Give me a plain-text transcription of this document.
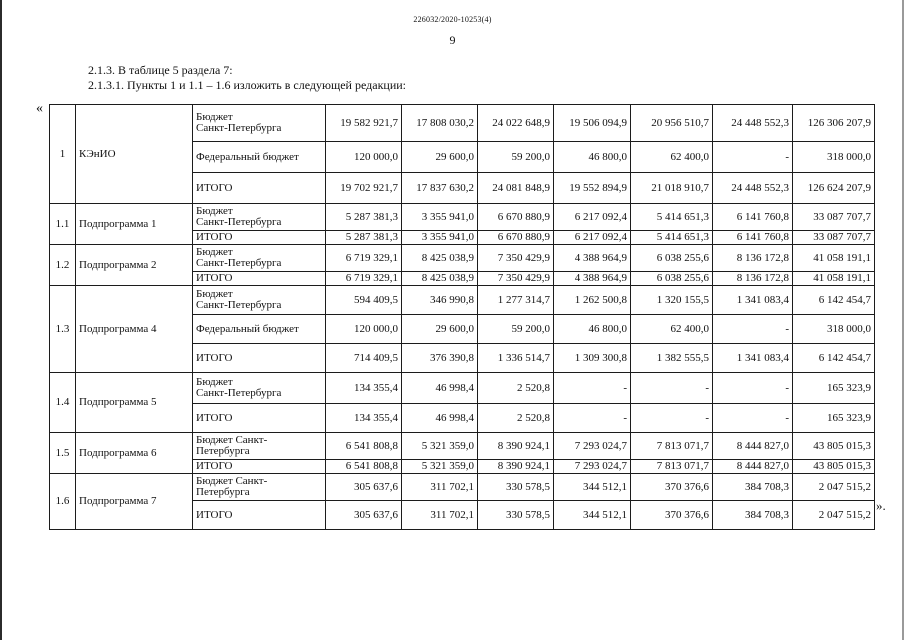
226032/2020-10253(4)
9
2.1.3. В таблице 5 раздела 7:
2.1.3.1. Пункты 1 и 1.1 – 1.6 изложить в следующей редакции:
«
».
1	КЭнИО	Бюджет
Санкт-Петербурга	19 582 921,7	17 808 030,2	24 022 648,9	19 506 094,9	20 956 510,7	24 448 552,3	126 306 207,9
		Федеральный бюджет	120 000,0	29 600,0	59 200,0	46 800,0	62 400,0	-	318 000,0
		ИТОГО	19 702 921,7	17 837 630,2	24 081 848,9	19 552 894,9	21 018 910,7	24 448 552,3	126 624 207,9
1.1	Подпрограмма 1	Бюджет
Санкт-Петербурга	5 287 381,3	3 355 941,0	6 670 880,9	6 217 092,4	5 414 651,3	6 141 760,8	33 087 707,7
		ИТОГО	5 287 381,3	3 355 941,0	6 670 880,9	6 217 092,4	5 414 651,3	6 141 760,8	33 087 707,7
1.2	Подпрограмма 2	Бюджет
Санкт-Петербурга	6 719 329,1	8 425 038,9	7 350 429,9	4 388 964,9	6 038 255,6	8 136 172,8	41 058 191,1
		ИТОГО	6 719 329,1	8 425 038,9	7 350 429,9	4 388 964,9	6 038 255,6	8 136 172,8	41 058 191,1
1.3	Подпрограмма 4	Бюджет
Санкт-Петербурга	594 409,5	346 990,8	1 277 314,7	1 262 500,8	1 320 155,5	1 341 083,4	6 142 454,7
		Федеральный бюджет	120 000,0	29 600,0	59 200,0	46 800,0	62 400,0	-	318 000,0
		ИТОГО	714 409,5	376 390,8	1 336 514,7	1 309 300,8	1 382 555,5	1 341 083,4	6 142 454,7
1.4	Подпрограмма 5	Бюджет
Санкт-Петербурга	134 355,4	46 998,4	2 520,8	-	-	-	165 323,9
		ИТОГО	134 355,4	46 998,4	2 520,8	-	-	-	165 323,9
1.5	Подпрограмма 6	Бюджет Санкт-
Петербурга	6 541 808,8	5 321 359,0	8 390 924,1	7 293 024,7	7 813 071,7	8 444 827,0	43 805 015,3
		ИТОГО	6 541 808,8	5 321 359,0	8 390 924,1	7 293 024,7	7 813 071,7	8 444 827,0	43 805 015,3
1.6	Подпрограмма 7	Бюджет Санкт-
Петербурга	305 637,6	311 702,1	330 578,5	344 512,1	370 376,6	384 708,3	2 047 515,2
		ИТОГО	305 637,6	311 702,1	330 578,5	344 512,1	370 376,6	384 708,3	2 047 515,2
